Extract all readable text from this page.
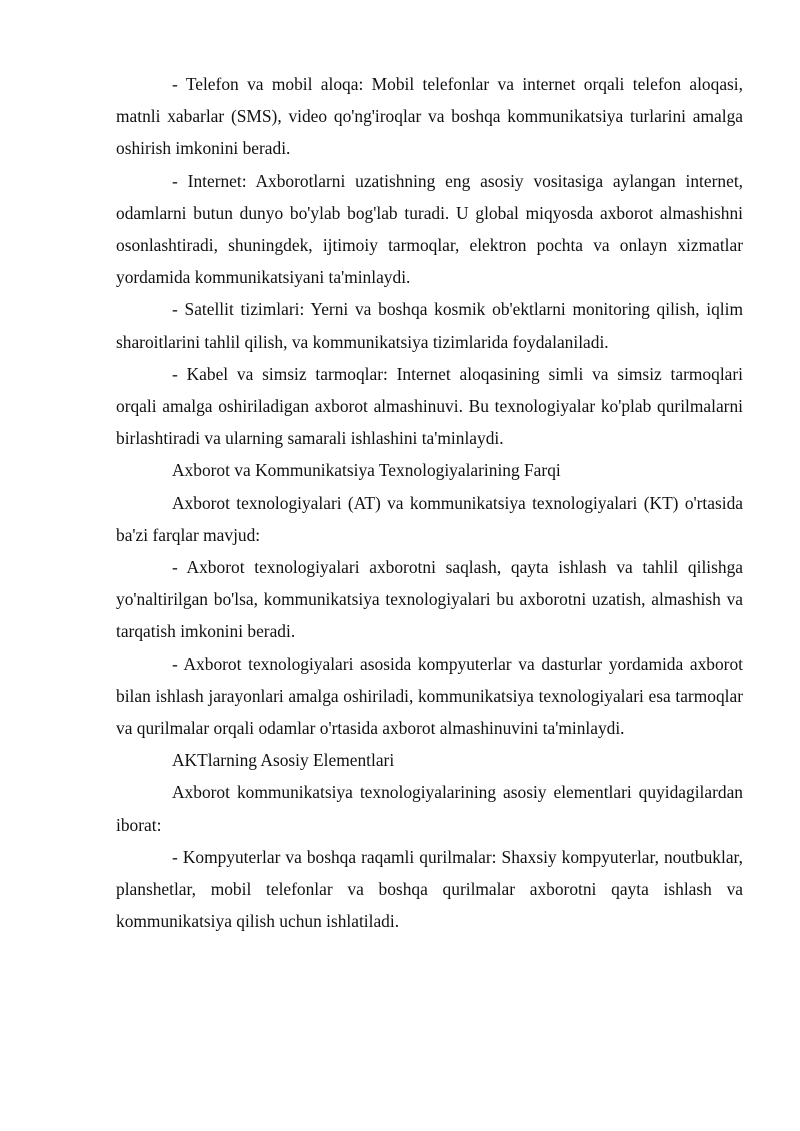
- Telefon va mobil aloqa: Mobil telefonlar va internet orqali telefon aloqasi, matnli xabarlar (SMS), video qo'ng'iroqlar va boshqa kommunikatsiya turlarini amalga oshirish imkonini beradi.

- Internet: Axborotlarni uzatishning eng asosiy vositasiga aylangan internet, odamlarni butun dunyo bo'ylab bog'lab turadi. U global miqyosda axborot almashishni osonlashtiradi, shuningdek, ijtimoiy tarmoqlar, elektron pochta va onlayn xizmatlar yordamida kommunikatsiyani ta'minlaydi.

- Satellit tizimlari: Yerni va boshqa kosmik ob'ektlarni monitoring qilish, iqlim sharoitlarini tahlil qilish, va kommunikatsiya tizimlarida foydalaniladi.

- Kabel va simsiz tarmoqlar: Internet aloqasining simli va simsiz tarmoqlari orqali amalga oshiriladigan axborot almashinuvi. Bu texnologiyalar ko'plab qurilmalarni birlashtiradi va ularning samarali ishlashini ta'minlaydi.

Axborot va Kommunikatsiya Texnologiyalarining Farqi

Axborot texnologiyalari (AT) va kommunikatsiya texnologiyalari (KT) o'rtasida ba'zi farqlar mavjud:

- Axborot texnologiyalari axborotni saqlash, qayta ishlash va tahlil qilishga yo'naltirilgan bo'lsa, kommunikatsiya texnologiyalari bu axborotni uzatish, almashish va tarqatish imkonini beradi.

- Axborot texnologiyalari asosida kompyuterlar va dasturlar yordamida axborot bilan ishlash jarayonlari amalga oshiriladi, kommunikatsiya texnologiyalari esa tarmoqlar va qurilmalar orqali odamlar o'rtasida axborot almashinuvini ta'minlaydi.

AKTlarning Asosiy Elementlari

Axborot kommunikatsiya texnologiyalarining asosiy elementlari quyidagilardan iborat:

- Kompyuterlar va boshqa raqamli qurilmalar: Shaxsiy kompyuterlar, noutbuklar, planshetlar, mobil telefonlar va boshqa qurilmalar axborotni qayta ishlash va kommunikatsiya qilish uchun ishlatiladi.
